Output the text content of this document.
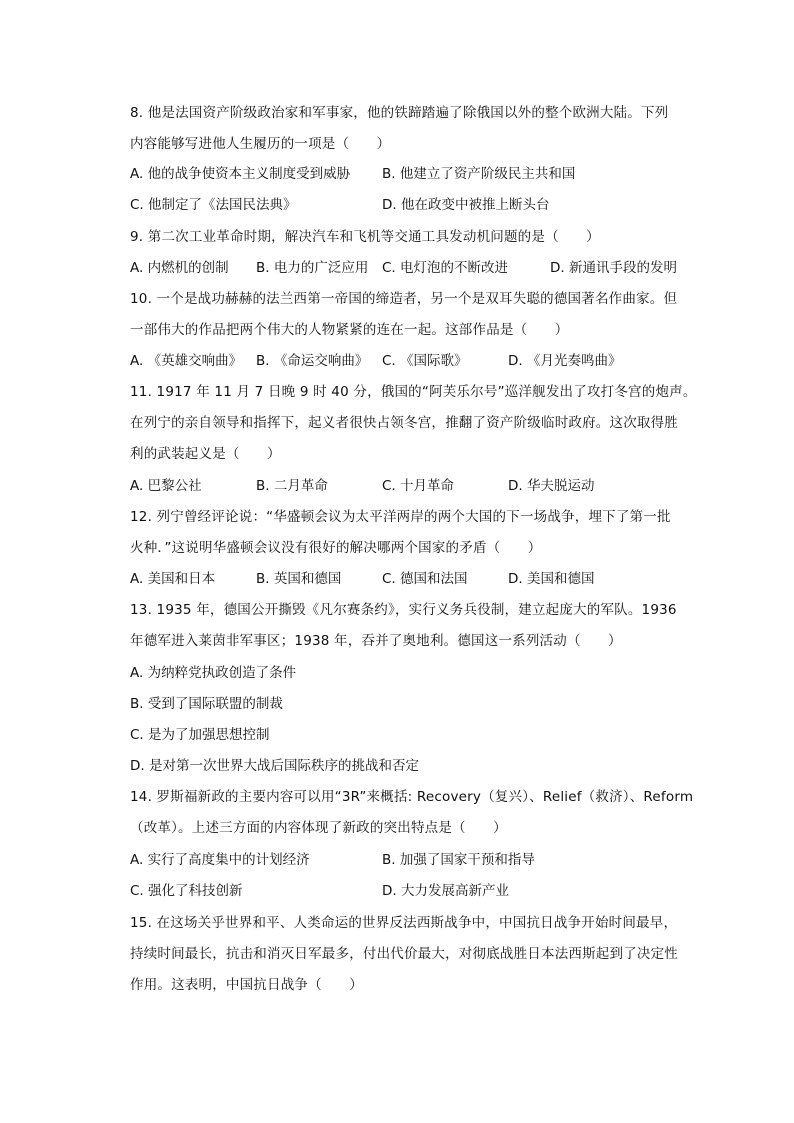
8. 他是法国资产阶级政治家和军事家，他的铁蹄踏遍了除俄国以外的整个欧洲大陆。下列
内容能够写进他人生履历的一项是（　　）
A. 他的战争使资本主义制度受到威胁 B. 他建立了资产阶级民主共和国
C. 他制定了《法国民法典》	D. 他在政变中被推上断头台
9. 第二次工业革命时期，解决汽车和飞机等交通工具发动机问题的是（　　）
A. 内燃机的创制 B. 电力的广泛应用 C. 电灯泡的不断改进	D. 新通讯手段的发明
10. 一个是战功赫赫的法兰西第一帝国的缔造者，另一个是双耳失聪的德国著名作曲家。但
一部伟大的作品把两个伟大的人物紧紧的连在一起。这部作品是（　　）
A. 《英雄交响曲》 B. 《命运交响曲》 C. 《国际歌》	D. 《月光奏鸣曲》
11. 1917 年 11 月 7 日晚 9 时 40 分，俄国的“阿芙乐尔号”巡洋舰发出了攻打冬宫的炮声。
在列宁的亲自领导和指挥下，起义者很快占领冬宫，推翻了资产阶级临时政府。这次取得胜
利的武装起义是（　　）
A. 巴黎公社	B. 二月革命	C. 十月革命	D. 华夫脱运动
12. 列宁曾经评论说：“华盛顿会议为太平洋两岸的两个大国的下一场战争，埋下了第一批
火种．”这说明华盛顿会议没有很好的解决哪两个国家的矛盾（　　）
A. 美国和日本	B. 英国和德国	C. 德国和法国	D. 美国和德国
13. 1935 年，德国公开撕毁《凡尔赛条约》，实行义务兵役制，建立起庞大的军队。1936
年德军进入莱茵非军事区；1938 年，吞并了奥地利。德国这一系列活动（　　）
A. 为纳粹党执政创造了条件
B. 受到了国际联盟的制裁
C. 是为了加强思想控制
D. 是对第一次世界大战后国际秩序的挑战和否定
14. 罗斯福新政的主要内容可以用“3R”来概括: Recovery（复兴）、Relief（救济）、Reform
（改革）。上述三方面的内容体现了新政的突出特点是（　　）
A. 实行了高度集中的计划经济	B. 加强了国家干预和指导
C. 强化了科技创新	D. 大力发展高新产业
15. 在这场关乎世界和平、人类命运的世界反法西斯战争中，中国抗日战争开始时间最早，
持续时间最长，抗击和消灭日军最多，付出代价最大，对彻底战胜日本法西斯起到了决定性
作用。这表明，中国抗日战争（　　）
